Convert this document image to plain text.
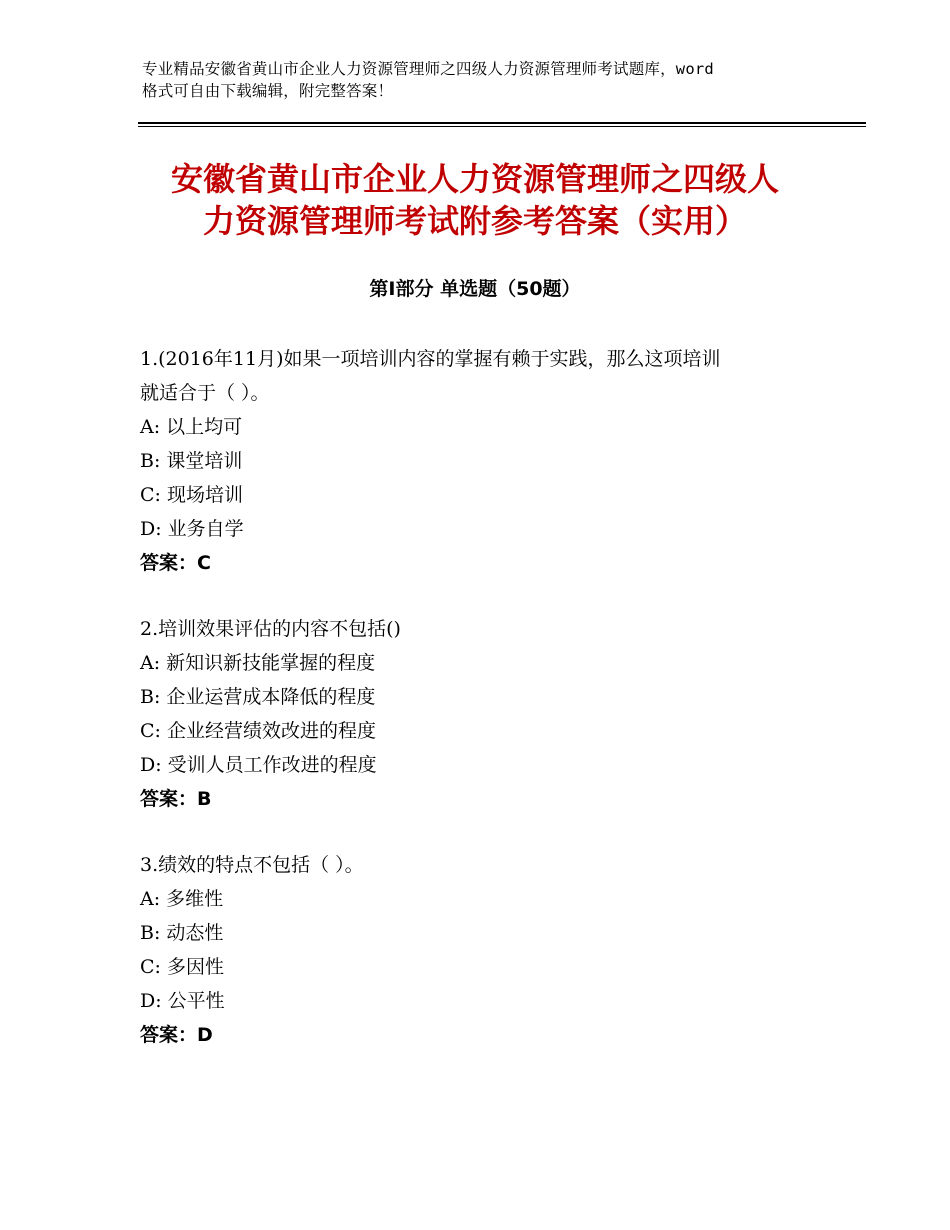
专业精品安徽省黄山市企业人力资源管理师之四级人力资源管理师考试题库，word
格式可自由下载编辑，附完整答案！
安徽省黄山市企业人力资源管理师之四级人
力资源管理师考试附参考答案（实用）
第Ⅰ部分 单选题（50题）
1.(2016年11月)如果一项培训内容的掌握有赖于实践，那么这项培训
就适合于（ ）。
A: 以上均可
B: 课堂培训
C: 现场培训
D: 业务自学
答案：C
2.培训效果评估的内容不包括()
A: 新知识新技能掌握的程度
B: 企业运营成本降低的程度
C: 企业经营绩效改进的程度
D: 受训人员工作改进的程度
答案：B
3.绩效的特点不包括（ ）。
A: 多维性
B: 动态性
C: 多因性
D: 公平性
答案：D
